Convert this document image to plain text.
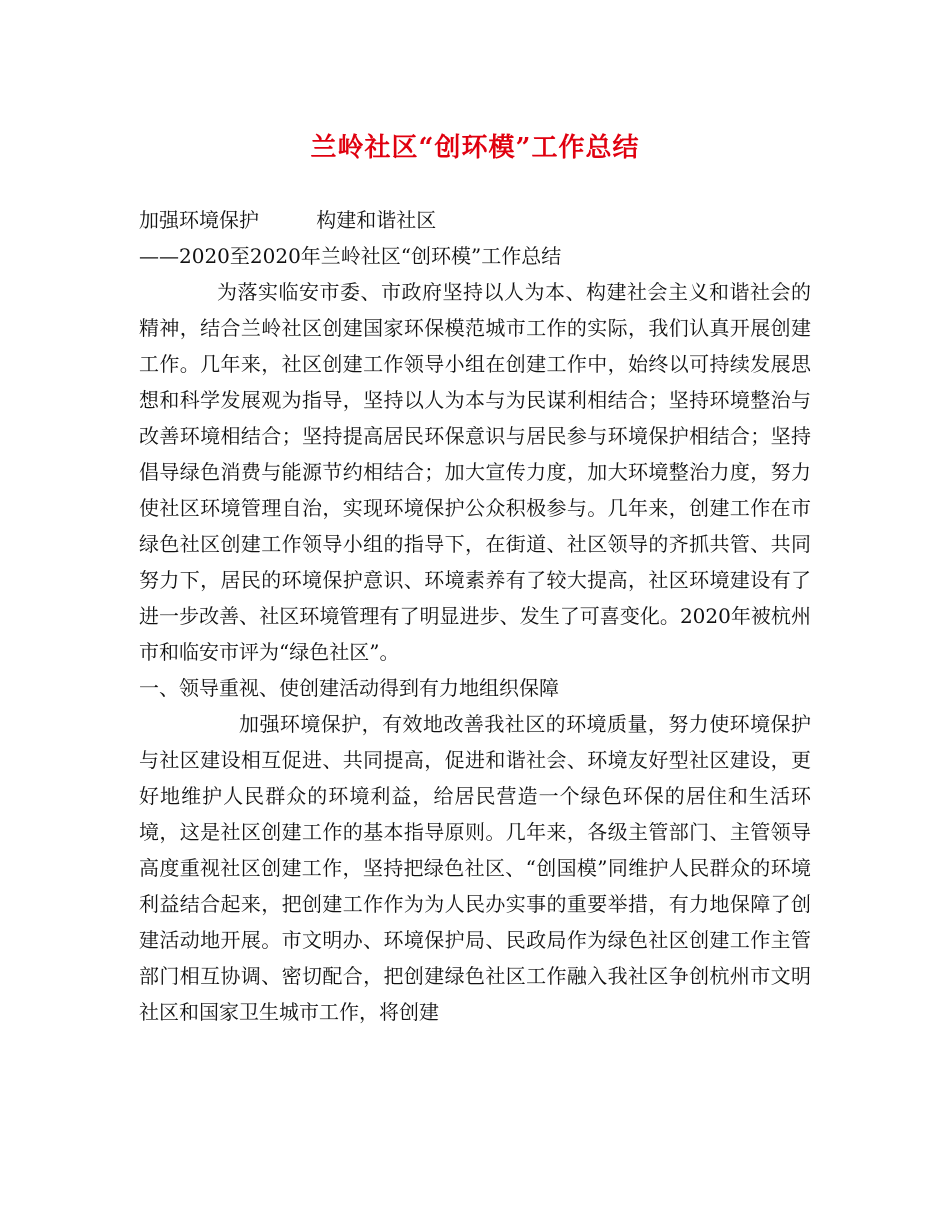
兰岭社区“创环模”工作总结

加强环境保护	构建和谐社区

——2020至2020年兰岭社区“创环模”工作总结

为落实临安市委、市政府坚持以人为本、构建社会主义和谐社会的精神，结合兰岭社区创建国家环保模范城市工作的实际，我们认真开展创建工作。几年来，社区创建工作领导小组在创建工作中，始终以可持续发展思想和科学发展观为指导，坚持以人为本与为民谋利相结合；坚持环境整治与改善环境相结合；坚持提高居民环保意识与居民参与环境保护相结合；坚持倡导绿色消费与能源节约相结合；加大宣传力度，加大环境整治力度，努力使社区环境管理自治，实现环境保护公众积极参与。几年来，创建工作在市绿色社区创建工作领导小组的指导下，在街道、社区领导的齐抓共管、共同努力下，居民的环境保护意识、环境素养有了较大提高，社区环境建设有了进一步改善、社区环境管理有了明显进步、发生了可喜变化。2020年被杭州市和临安市评为“绿色社区”。

一、领导重视、使创建活动得到有力地组织保障

加强环境保护，有效地改善我社区的环境质量，努力使环境保护与社区建设相互促进、共同提高，促进和谐社会、环境友好型社区建设，更好地维护人民群众的环境利益，给居民营造一个绿色环保的居住和生活环境，这是社区创建工作的基本指导原则。几年来，各级主管部门、主管领导高度重视社区创建工作，坚持把绿色社区、“创国模”同维护人民群众的环境利益结合起来，把创建工作作为为人民办实事的重要举措，有力地保障了创建活动地开展。市文明办、环境保护局、民政局作为绿色社区创建工作主管部门相互协调、密切配合，把创建绿色社区工作融入我社区争创杭州市文明社区和国家卫生城市工作，将创建
